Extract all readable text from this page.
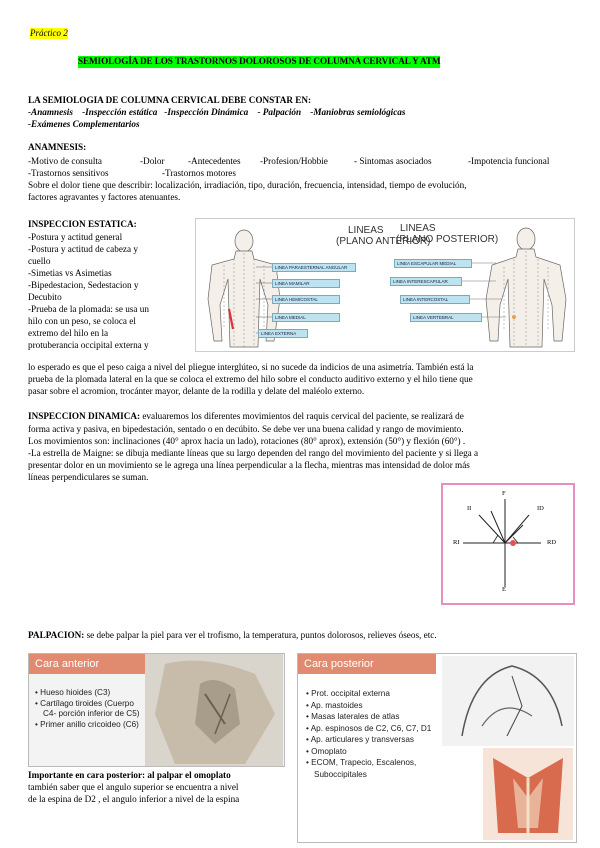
Práctico 2
SEMIOLOGÍA DE LOS TRASTORNOS DOLOROSOS DE COLUMNA CERVICAL Y ATM
LA SEMIOLOGIA DE COLUMNA CERVICAL DEBE CONSTAR EN:
-Anamnesis -Inspección estática -Inspección Dinámica - Palpación -Maniobras semiológicas
-Exámenes Complementarios
ANAMNESIS:
-Motivo de consulta	-Dolor	-Antecedentes -Profesion/Hobbie	- Sintomas asociados	-Impotencia funcional
-Trastornos sensitivos	-Trastornos motores
Sobre el dolor tiene que describir: localización, irradiación, tipo, duración, frecuencia, intensidad, tiempo de evolución,
factores agravantes y factores atenuantes.
INSPECCION ESTATICA:
-Postura y actitud general
-Postura y actitud de cabeza y
cuello
-Simetias vs Asimetias
-Bipedestacion, Sedestacion y
Decubito
-Prueba de la plomada: se usa un
hilo con un peso, se coloca el
extremo del hilo en la
protuberancia occipital externa y
LINEAS
(PLANO ANTERIOR)
LINEAS
(PLANO POSTERIOR)
LINEA PARAESTERNAL ANGULAR
LINEA MAMILAR
LINEA HEMICOSTAL
LINEA MEDIAL
LINEA EXTERNA
LINEA ESCAPULAR MEDIAL
LINEA INTERESCAPULAR
LINEA INTERCOSTAL
LINEA VERTEBRAL
lo esperado es que el peso caiga a nivel del pliegue interglúteo, si no sucede da indicios de una asimetría. También está la
prueba de la plomada lateral en la que se coloca el extremo del hilo sobre el conducto auditivo externo y el hilo tiene que
pasar sobre el acromion, trocánter mayor, delante de la rodilla y delate del maléolo externo.
INSPECCION DINAMICA: evaluaremos los diferentes movimientos del raquis cervical del paciente, se realizará de
forma activa y pasiva, en bipedestación, sentado o en decúbito. Se debe ver una buena calidad y rango de movimiento.
Los movimientos son: inclinaciones (40° aprox hacia un lado), rotaciones (80° aprox), extensión (50°) y flexión (60°) .
-La estrella de Maigne: se dibuja mediante líneas que su largo dependen del rango del movimiento del paciente y si llega a
presentar dolor en un movimiento se le agrega una línea perpendicular a la flecha, mientras mas intensidad de dolor más
líneas perpendiculares se suman.
F
E
RI	RD
II	ID
PALPACION: se debe palpar la piel para ver el trofismo, la temperatura, puntos dolorosos, relieves óseos, etc.
Cara anterior
• Hueso hioides (C3)
• Cartílago tiroides (Cuerpo C4- porción inferior de C5)
• Primer anillo cricoideo (C6)
Cara posterior
• Prot. occipital externa
• Ap. mastoides
• Masas laterales de atlas
• Ap. espinosos de C2, C6, C7, D1
• Ap. articulares y transversas
• Omoplato
• ECOM, Trapecio, Escalenos, Suboccipitales
Importante en cara posterior: al palpar el omoplato
también saber que el angulo superior se encuentra a nivel
de la espina de D2 , el angulo inferior a nivel de la espina
